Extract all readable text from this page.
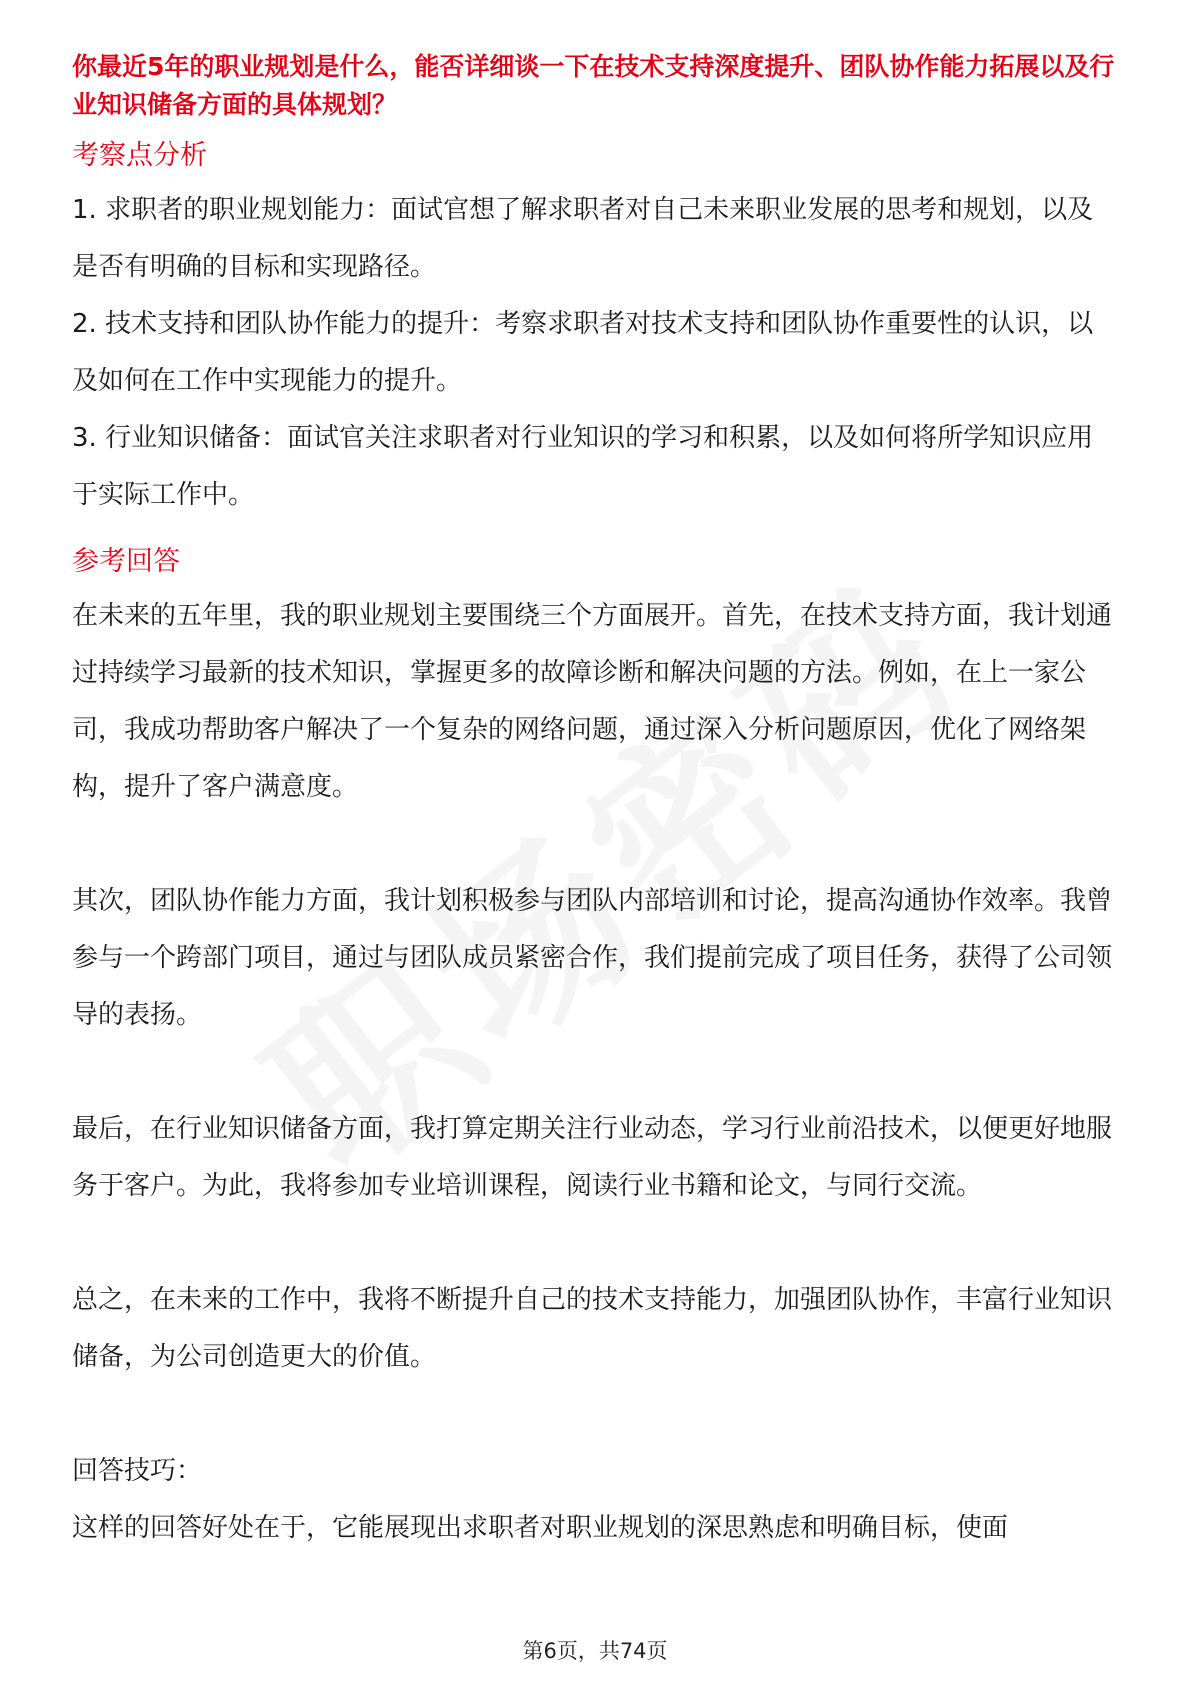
你最近5年的职业规划是什么，能否详细谈一下在技术支持深度提升、团队协作能力拓展以及行业知识储备方面的具体规划？

考察点分析

1. 求职者的职业规划能力：面试官想了解求职者对自己未来职业发展的思考和规划，以及是否有明确的目标和实现路径。

2. 技术支持和团队协作能力的提升：考察求职者对技术支持和团队协作重要性的认识，以及如何在工作中实现能力的提升。

3. 行业知识储备：面试官关注求职者对行业知识的学习和积累，以及如何将所学知识应用于实际工作中。

参考回答

在未来的五年里，我的职业规划主要围绕三个方面展开。首先，在技术支持方面，我计划通过持续学习最新的技术知识，掌握更多的故障诊断和解决问题的方法。例如，在上一家公司，我成功帮助客户解决了一个复杂的网络问题，通过深入分析问题原因，优化了网络架构，提升了客户满意度。

其次，团队协作能力方面，我计划积极参与团队内部培训和讨论，提高沟通协作效率。我曾参与一个跨部门项目，通过与团队成员紧密合作，我们提前完成了项目任务，获得了公司领导的表扬。

最后，在行业知识储备方面，我打算定期关注行业动态，学习行业前沿技术，以便更好地服务于客户。为此，我将参加专业培训课程，阅读行业书籍和论文，与同行交流。

总之，在未来的工作中，我将不断提升自己的技术支持能力，加强团队协作，丰富行业知识储备，为公司创造更大的价值。

回答技巧：

这样的回答好处在于，它能展现出求职者对职业规划的深思熟虑和明确目标，使面

第6页，共74页
